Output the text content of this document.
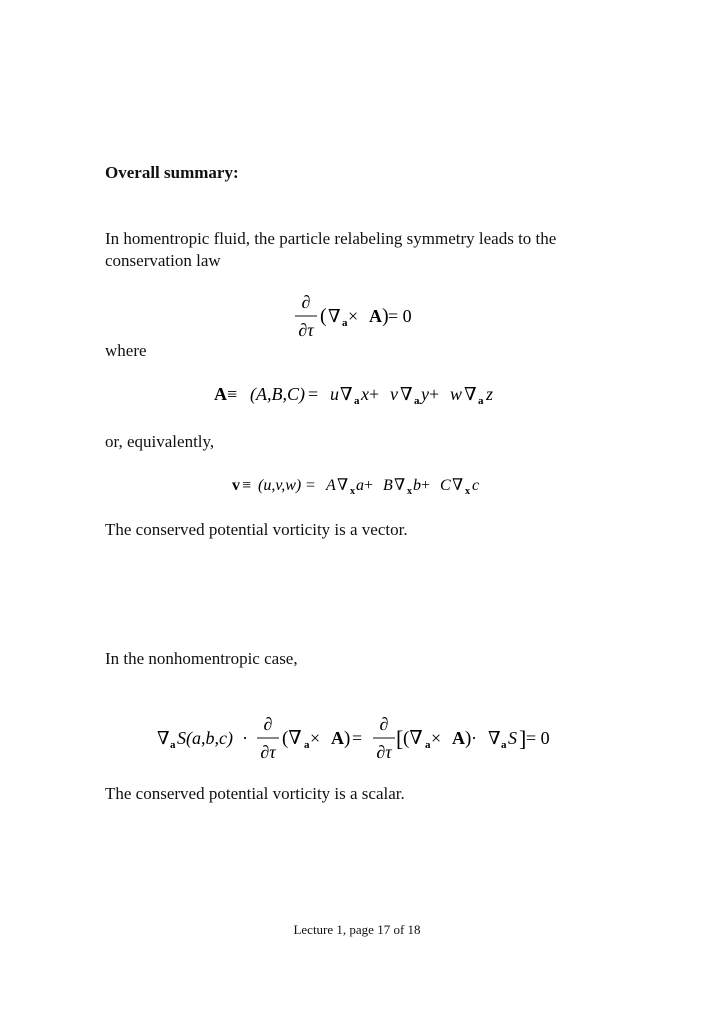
Overall summary:

In homentropic fluid, the particle relabeling symmetry leads to the
conservation law

∂
∂τ
( ∇ a × A ) = 0

where

A ≡ (A,B,C) = u ∇ a x + v ∇ a y + w ∇ a z

or, equivalently,

v ≡ (u,v,w) = A ∇ x a + B ∇ x b + C ∇ x c

The conserved potential vorticity is a vector.

In the nonhomentropic case,

∇ a S(a,b,c) ·
∂
∂τ
(∇ a × A ) =
∂
∂τ
[ (∇ a × A ) · ∇ a S ] = 0

The conserved potential vorticity is a scalar.

Lecture 1, page 17 of 18
